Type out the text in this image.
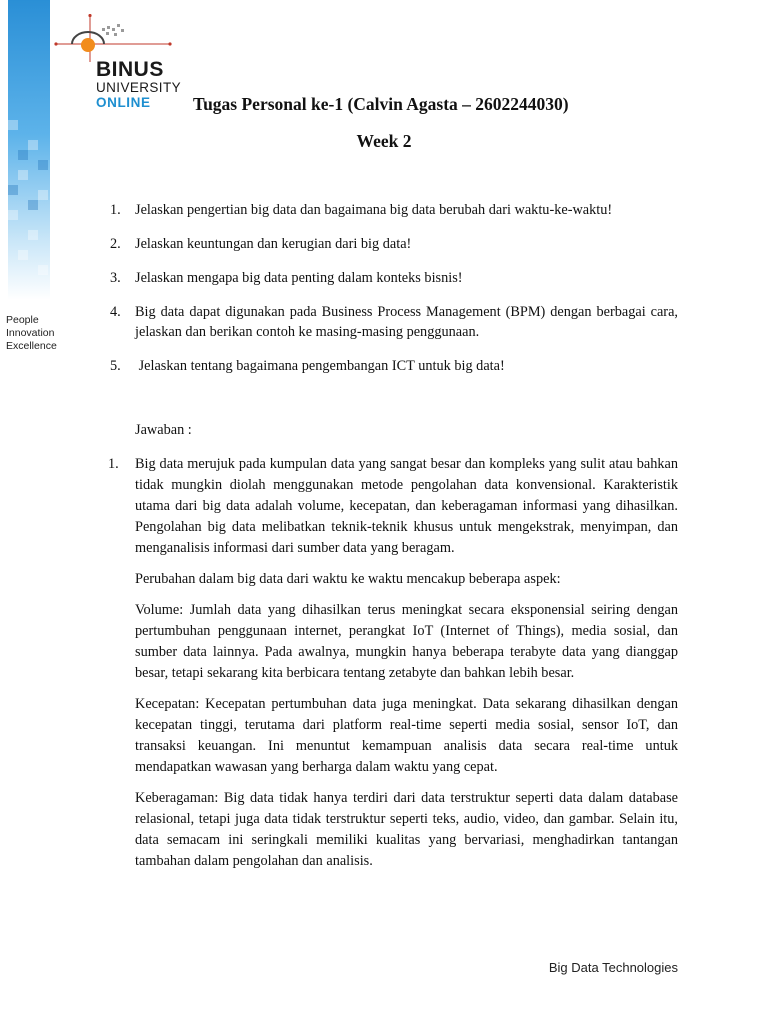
People
Innovation
Excellence
BINUS
UNIVERSITY
ONLINE Tugas Personal ke-1 (Calvin Agasta – 2602244030)
Week 2
1. Jelaskan pengertian big data dan bagaimana big data berubah dari waktu-ke-waktu!
2. Jelaskan keuntungan dan kerugian dari big data!
3. Jelaskan mengapa big data penting dalam konteks bisnis!
4. Big data dapat digunakan pada Business Process Management (BPM) dengan berbagai cara, jelaskan dan berikan contoh ke masing-masing penggunaan.
5. Jelaskan tentang bagaimana pengembangan ICT untuk big data!
Jawaban :
1. Big data merujuk pada kumpulan data yang sangat besar dan kompleks yang sulit atau bahkan tidak mungkin diolah menggunakan metode pengolahan data konvensional. Karakteristik utama dari big data adalah volume, kecepatan, dan keberagaman informasi yang dihasilkan. Pengolahan big data melibatkan teknik-teknik khusus untuk mengekstrak, menyimpan, dan menganalisis informasi dari sumber data yang beragam.

Perubahan dalam big data dari waktu ke waktu mencakup beberapa aspek:

Volume: Jumlah data yang dihasilkan terus meningkat secara eksponensial seiring dengan pertumbuhan penggunaan internet, perangkat IoT (Internet of Things), media sosial, dan sumber data lainnya. Pada awalnya, mungkin hanya beberapa terabyte data yang dianggap besar, tetapi sekarang kita berbicara tentang zetabyte dan bahkan lebih besar.

Kecepatan: Kecepatan pertumbuhan data juga meningkat. Data sekarang dihasilkan dengan kecepatan tinggi, terutama dari platform real-time seperti media sosial, sensor IoT, dan transaksi keuangan. Ini menuntut kemampuan analisis data secara real-time untuk mendapatkan wawasan yang berharga dalam waktu yang cepat.

Keberagaman: Big data tidak hanya terdiri dari data terstruktur seperti data dalam database relasional, tetapi juga data tidak terstruktur seperti teks, audio, video, dan gambar. Selain itu, data semacam ini seringkali memiliki kualitas yang bervariasi, menghadirkan tantangan tambahan dalam pengolahan dan analisis.

Big Data Technologies
